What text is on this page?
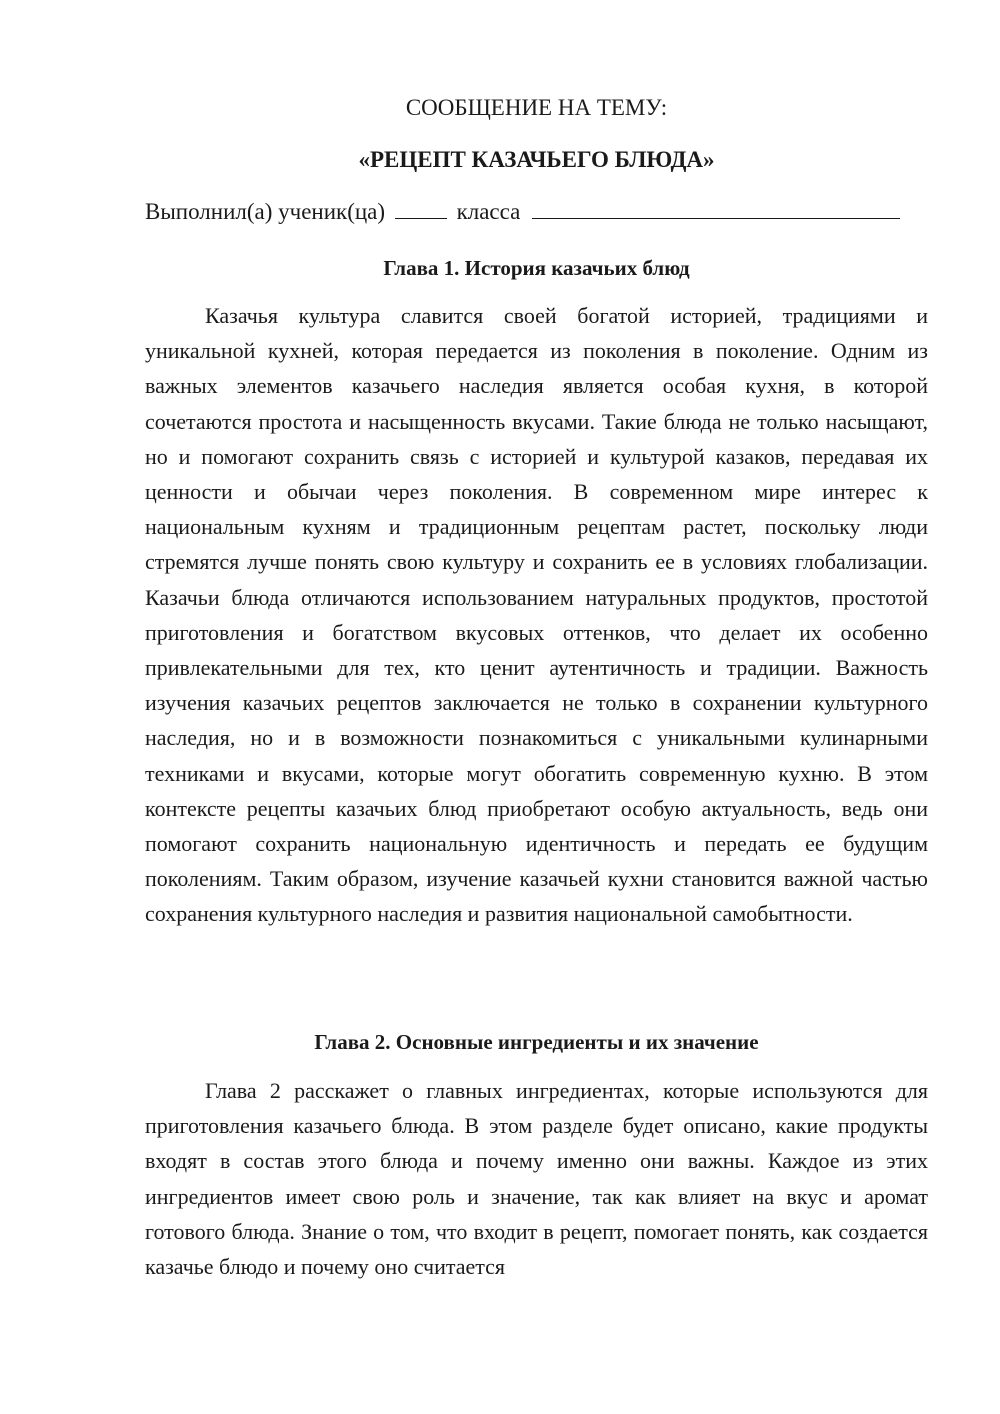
СООБЩЕНИЕ НА ТЕМУ:
«РЕЦЕПТ КАЗАЧЬЕГО БЛЮДА»
Выполнил(а) ученик(ца)	класса
Глава 1. История казачьих блюд

Казачья культура славится своей богатой историей, традициями и уникальной кухней, которая передается из поколения в поколение. Одним из важных элементов казачьего наследия является особая кухня, в которой сочетаются простота и насыщенность вкусами. Такие блюда не только насыщают, но и помогают сохранить связь с историей и культурой казаков, передавая их ценности и обычаи через поколения. В современном мире интерес к национальным кухням и традиционным рецептам растет, поскольку люди стремятся лучше понять свою культуру и сохранить ее в условиях глобализации. Казачьи блюда отличаются использованием натуральных продуктов, простотой приготовления и богатством вкусовых оттенков, что делает их особенно привлекательными для тех, кто ценит аутентичность и традиции. Важность изучения казачьих рецептов заключается не только в сохранении культурного наследия, но и в возможности познакомиться с уникальными кулинарными техниками и вкусами, которые могут обогатить современную кухню. В этом контексте рецепты казачьих блюд приобретают особую актуальность, ведь они помогают сохранить национальную идентичность и передать ее будущим поколениям. Таким образом, изучение казачьей кухни становится важной частью сохранения культурного наследия и развития национальной самобытности.

Глава 2. Основные ингредиенты и их значение

Глава 2 расскажет о главных ингредиентах, которые используются для приготовления казачьего блюда. В этом разделе будет описано, какие продукты входят в состав этого блюда и почему именно они важны. Каждое из этих ингредиентов имеет свою роль и значение, так как влияет на вкус и аромат готового блюда. Знание о том, что входит в рецепт, помогает понять, как создается казачье блюдо и почему оно считается
